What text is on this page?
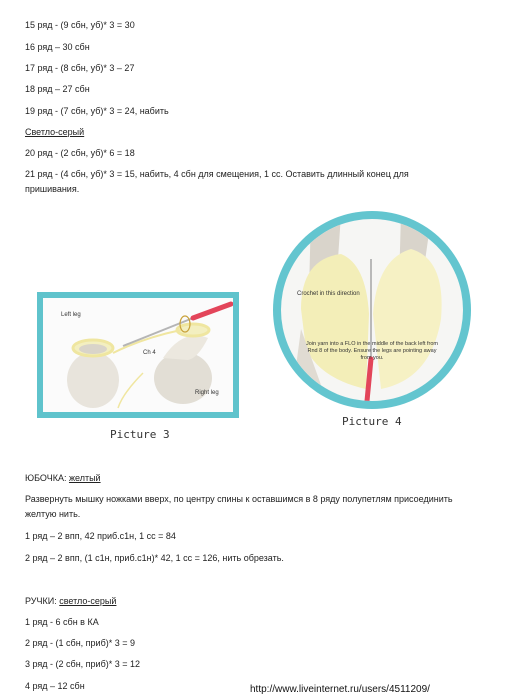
15 ряд - (9 сбн, уб)* 3 = 30
16 ряд – 30 сбн
17 ряд - (8 сбн, уб)* 3 – 27
18 ряд – 27 сбн
19 ряд - (7 сбн, уб)* 3 = 24, набить
Светло-серый
20 ряд - (2 сбн, уб)* 6 = 18
21 ряд - (4 сбн, уб)* 3 = 15, набить, 4 сбн для смещения, 1 сс. Оставить длинный конец для пришивания.
Left leg
Ch 4
Right leg
Picture 3
Crochet in this direction
Join yarn into a FLO in the middle of the back left from Rnd 8 of the body. Ensure the legs are pointing away from you.
Picture 4
ЮБОЧКА: желтый
Развернуть мышку ножками вверх, по центру спины к оставшимся в 8 ряду полупетлям присоединить желтую нить.
1 ряд – 2 впп, 42 приб.с1н, 1 сс = 84
2 ряд – 2 впп, (1 с1н, приб.с1н)* 42, 1 сс = 126, нить обрезать.
РУЧКИ: светло-серый
1 ряд - 6 сбн в КА
2 ряд - (1 сбн, приб)* 3 = 9
3 ряд - (2 сбн, приб)* 3 = 12
4 ряд – 12 сбн	http://www.liveinternet.ru/users/4511209/
